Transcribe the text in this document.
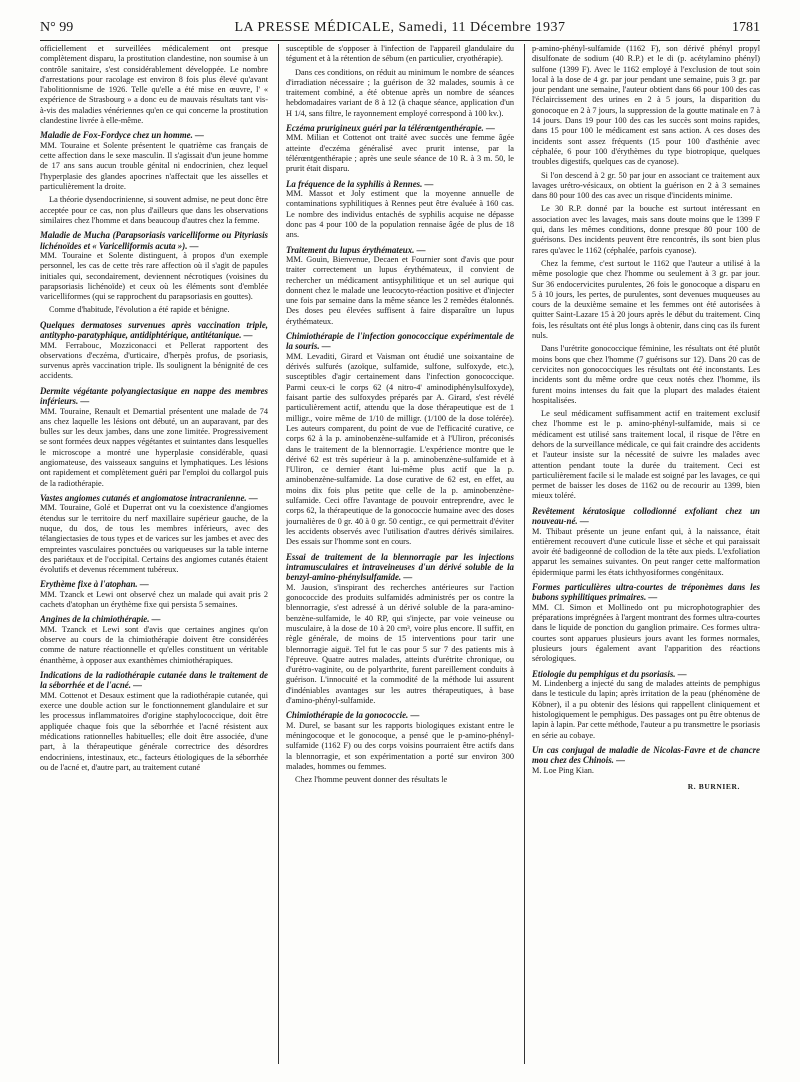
N° 99	LA PRESSE MÉDICALE, Samedi, 11 Décembre 1937	1781

officiellement et surveillées médicalement ont presque complètement disparu, la prostitution clandestine, non soumise à un contrôle sanitaire, s'est considérablement développée. Le nombre d'arrestations pour racolage est environ 8 fois plus élevé qu'avant l'abolitionnisme de 1926. Telle qu'elle a été mise en œuvre, l' « expérience de Strasbourg » a donc eu de mauvais résultats tant vis-à-vis des maladies vénériennes qu'en ce qui concerne la prostitution clandestine livrée à elle-même.

Maladie de Fox-Fordyce chez un homme. —

MM. Touraine et Solente présentent le quatrième cas français de cette affection dans le sexe masculin. Il s'agissait d'un jeune homme de 17 ans sans aucun trouble génital ni endocrinien, chez lequel l'hyperplasie des glandes apocrines n'affectait que les aisselles et particulièrement la droite.

La théorie dysendocrinienne, si souvent admise, ne peut donc être acceptée pour ce cas, non plus d'ailleurs que dans les observations similaires chez l'homme et dans beaucoup d'autres chez la femme.

Maladie de Mucha (Parapsoriasis varicelliforme ou Pityriasis lichénoïdes et « Varicelliformis acuta »). —

MM. Touraine et Solente distinguent, à propos d'un exemple personnel, les cas de cette très rare affection où il s'agit de papules initiales qui, secondairement, deviennent nécrotiques (voisines du parapsoriasis lichénoïde) et ceux où les éléments sont d'emblée varicelliformes (qui se rapprochent du parapsoriasis en gouttes).

Comme d'habitude, l'évolution a été rapide et bénigne.

Quelques dermatoses survenues après vaccination triple, antitypho-paratyphique, antidiphtérique, antitétanique. —

MM. Ferrabouc, Mozziconacci et Pellerat rapportent des observations d'eczéma, d'urticaire, d'herpès profus, de psoriasis, survenus après vaccination triple. Ils soulignent la bénignité de ces accidents.

Dermite végétante polyangiectasique en nappe des membres inférieurs. —

MM. Touraine, Renault et Demartial présentent une malade de 74 ans chez laquelle les lésions ont débuté, un an auparavant, par des bulles sur les deux jambes, dans une zone limitée. Progressivement se sont formées deux nappes végétantes et suintantes dans lesquelles le microscope a montré une hyperplasie considérable, quasi angiomateuse, des vaisseaux sanguins et lymphatiques. Les lésions ont rapidement et complètement guéri par l'emploi du collargol puis de la radiothérapie.

Vastes angiomes cutanés et angiomatose intracranienne. —

MM. Touraine, Golé et Duperrat ont vu la coexistence d'angiomes étendus sur le territoire du nerf maxillaire supérieur gauche, de la nuque, du dos, de tous les membres inférieurs, avec des télangiectasies de tous types et de varices sur les jambes et avec des empreintes vasculaires ponctuées ou variqueuses sur la table interne des pariétaux et de l'occipital. Certains des angiomes cutanés étaient évolutifs et devenus récemment tubéreux.

Erythème fixe à l'atophan. —

MM. Tzanck et Lewi ont observé chez un malade qui avait pris 2 cachets d'atophan un érythème fixe qui persista 5 semaines.

Angines de la chimiothérapie. —

MM. Tzanck et Lewi sont d'avis que certaines angines qu'on observe au cours de la chimiothérapie doivent être considérées comme de nature réactionnelle et qu'elles constituent un véritable énanthème, à opposer aux exanthèmes chimiothérapiques.

Indications de la radiothérapie cutanée dans le traitement de la séborrhée et de l'acné. —

MM. Cottenot et Desaux estiment que la radiothérapie cutanée, qui exerce une double action sur le fonctionnement glandulaire et sur les processus inflammatoires d'origine staphylococcique, doit être appliquée chaque fois que la séborrhée et l'acné résistent aux médications rationnelles habituelles; elle doit être associée, d'une part, à la thérapeutique générale correctrice des désordres endocriniens, intestinaux, etc., facteurs étiologiques de la séborrhée ou de l'acné et, d'autre part, au traitement cutané

susceptible de s'opposer à l'infection de l'appareil glandulaire du tégument et à la rétention de sébum (en particulier, cryothérapie).

Dans ces conditions, on réduit au minimum le nombre de séances d'irradiation nécessaire ; la guérison de 32 malades, soumis à ce traitement combiné, a été obtenue après un nombre de séances hebdomadaires variant de 8 à 12 (à chaque séance, application d'un H 1/4, sans filtre, le rayonnement employé correspond à 100 kv.).

Eczéma prurigineux guéri par la télérœntgenthérapie. —

MM. Milian et Cottenot ont traité avec succès une femme âgée atteinte d'eczéma généralisé avec prurit intense, par la télérœntgenthérapie ; après une seule séance de 10 R. à 3 m. 50, le prurit était disparu.

La fréquence de la syphilis à Rennes. —

MM. Massot et Joly estiment que la moyenne annuelle de contaminations syphilitiques à Rennes peut être évaluée à 160 cas. Le nombre des individus entachés de syphilis acquise ne dépasse donc pas 4 pour 100 de la population rennaise âgée de plus de 18 ans.

Traitement du lupus érythémateux. —

MM. Gouin, Bienvenue, Decaen et Fournier sont d'avis que pour traiter correctement un lupus érythémateux, il convient de rechercher un médicament antisyphilitique et un sel aurique qui donnent chez le malade une leucocyto-réaction positive et d'injecter une fois par semaine dans la même séance les 2 remèdes étalonnés. Des doses peu élevées suffisent à faire disparaître un lupus érythémateux.

Chimiothérapie de l'infection gonococcique expérimentale de la souris. —

MM. Levaditi, Girard et Vaisman ont étudié une soixantaine de dérivés sulfurés (azoïque, sulfamide, sulfone, sulfoxyde, etc.), susceptibles d'agir certainement dans l'infection gonococcique. Parmi ceux-ci le corps 62 (4 nitro-4' aminodiphénylsulfoxyde), faisant partie des sulfoxydes préparés par A. Girard, s'est révélé particulièrement actif, attendu que la dose thérapeutique est de 1 milligr., voire même de 1/10 de milligr. (1/100 de la dose tolérée). Les auteurs comparent, du point de vue de l'efficacité curative, ce corps 62 à la p. aminobenzène-sulfamide et à l'Uliron, préconisés dans le traitement de la blennorragie. L'expérience montre que le dérivé 62 est très supérieur à la p. aminobenzène-sulfamide et à l'Uliron, ce dernier étant lui-même plus actif que la p. aminobenzène-sulfamide. La dose curative de 62 est, en effet, au moins dix fois plus petite que celle de la p. aminobenzène-sulfamide. Ceci offre l'avantage de pouvoir entreprendre, avec le corps 62, la thérapeutique de la gonococcie humaine avec des doses journalières de 0 gr. 40 à 0 gr. 50 centigr., ce qui permettrait d'éviter les accidents observés avec l'utilisation d'autres dérivés similaires. Des essais sur l'homme sont en cours.

Essai de traitement de la blennorragie par les injections intramusculaires et intraveineuses d'un dérivé soluble de la benzyl-amino-phénylsulfamide. —

M. Jausion, s'inspirant des recherches antérieures sur l'action gonococcide des produits sulfamidés administrés per os contre la blennorragie, s'est adressé à un dérivé soluble de la para-amino-benzène-sulfamide, le 40 RP, qui s'injecte, par voie veineuse ou musculaire, à la dose de 10 à 20 cm³, voire plus encore. Il suffit, en règle générale, de moins de 15 interventions pour tarir une blennorragie aiguë. Tel fut le cas pour 5 sur 7 des patients mis à l'épreuve. Quatre autres malades, atteints d'urétrite chronique, ou d'urétro-vaginite, ou de polyarthrite, furent pareillement conduits à guérison. L'innocuité et la commodité de la méthode lui assurent d'indéniables avantages sur les autres thérapeutiques, à base d'amino-phényl-sulfamide.

Chimiothérapie de la gonococcie. —

M. Durel, se basant sur les rapports biologiques existant entre le méningocoque et le gonocoque, a pensé que le p-amino-phényl-sulfamide (1162 F) ou des corps voisins pourraient être actifs dans la blennorragie, et son expérimentation a porté sur environ 300 malades, hommes ou femmes.

Chez l'homme peuvent donner des résultats le

p-amino-phényl-sulfamide (1162 F), son dérivé phényl propyl disulfonate de sodium (40 R.P.) et le di (p. acétylamino phényl) sulfone (1399 F). Avec le 1162 employé à l'exclusion de tout soin local à la dose de 4 gr. par jour pendant une semaine, puis 3 gr. par jour pendant une semaine, l'auteur obtient dans 66 pour 100 des cas l'éclaircissement des urines en 2 à 5 jours, la disparition du gonocoque en 2 à 7 jours, la suppression de la goutte matinale en 7 à 14 jours. Dans 19 pour 100 des cas les succès sont moins rapides, dans 15 pour 100 le médicament est sans action. A ces doses des incidents sont assez fréquents (15 pour 100 d'asthénie avec céphalée, 6 pour 100 d'érythèmes du type biotropique, quelques troubles digestifs, quelques cas de cyanose).

Si l'on descend à 2 gr. 50 par jour en associant ce traitement aux lavages urétro-vésicaux, on obtient la guérison en 2 à 3 semaines dans 80 pour 100 des cas avec un risque d'incidents minime.

Le 30 R.P. donné par la bouche est surtout intéressant en association avec les lavages, mais sans doute moins que le 1399 F qui, dans les mêmes conditions, donne presque 80 pour 100 de guérisons. Des incidents peuvent être rencontrés, ils sont bien plus rares qu'avec le 1162 (céphalée, parfois cyanose).

Chez la femme, c'est surtout le 1162 que l'auteur a utilisé à la même posologie que chez l'homme ou seulement à 3 gr. par jour. Sur 36 endocervicites purulentes, 26 fois le gonocoque a disparu en 5 à 10 jours, les pertes, de purulentes, sont devenues muqueuses au cours de la deuxième semaine et les femmes ont été autorisées à quitter Saint-Lazare 15 à 20 jours après le début du traitement. Cinq fois, les résultats ont été plus longs à obtenir, dans cinq cas ils furent nuls.

Dans l'urétrite gonococcique féminine, les résultats ont été plutôt moins bons que chez l'homme (7 guérisons sur 12). Dans 20 cas de cervicites non gonococciques les résultats ont été inconstants. Les incidents sont du même ordre que ceux notés chez l'homme, ils furent moins intenses du fait que la plupart des malades étaient hospitalisées.

Le seul médicament suffisamment actif en traitement exclusif chez l'homme est le p. amino-phényl-sulfamide, mais si ce médicament est utilisé sans traitement local, il risque de l'être en dehors de la surveillance médicale, ce qui fait craindre des accidents et l'auteur insiste sur la nécessité de suivre les malades avec attention pendant toute la durée du traitement. Ceci est particulièrement facile si le malade est soigné par les lavages, ce qui permet de baisser les doses de 1162 ou de recourir au 1399, bien mieux toléré.

Revêtement kératosique collodionné exfoliant chez un nouveau-né. —

M. Thibaut présente un jeune enfant qui, à la naissance, était entièrement recouvert d'une cuticule lisse et sèche et qui paraissait avoir été badigeonné de collodion de la tête aux pieds. L'exfoliation apparut les semaines suivantes. On peut ranger cette malformation épidermique parmi les états ichthyosiformes congénitaux.

Formes particulières ultra-courtes de tréponèmes dans les bubons syphilitiques primaires. —

MM. Cl. Simon et Mollinedo ont pu microphotographier des préparations imprégnées à l'argent montrant des formes ultra-courtes dans le liquide de ponction du ganglion primaire. Ces formes ultra-courtes sont apparues plusieurs jours avant les formes normales, plusieurs jours également avant l'apparition des réactions sérologiques.

Etiologie du pemphigus et du psoriasis. —

M. Lindenberg a injecté du sang de malades atteints de pemphigus dans le testicule du lapin; après irritation de la peau (phénomène de Köbner), il a pu obtenir des lésions qui rappellent cliniquement et histologiquement le pemphigus. Des passages ont pu être obtenus de lapin à lapin. Par cette méthode, l'auteur a pu transmettre le psoriasis en série au cobaye.

Un cas conjugal de maladie de Nicolas-Favre et de chancre mou chez des Chinois. —

M. Loe Ping Kian.

R. BURNIER.
